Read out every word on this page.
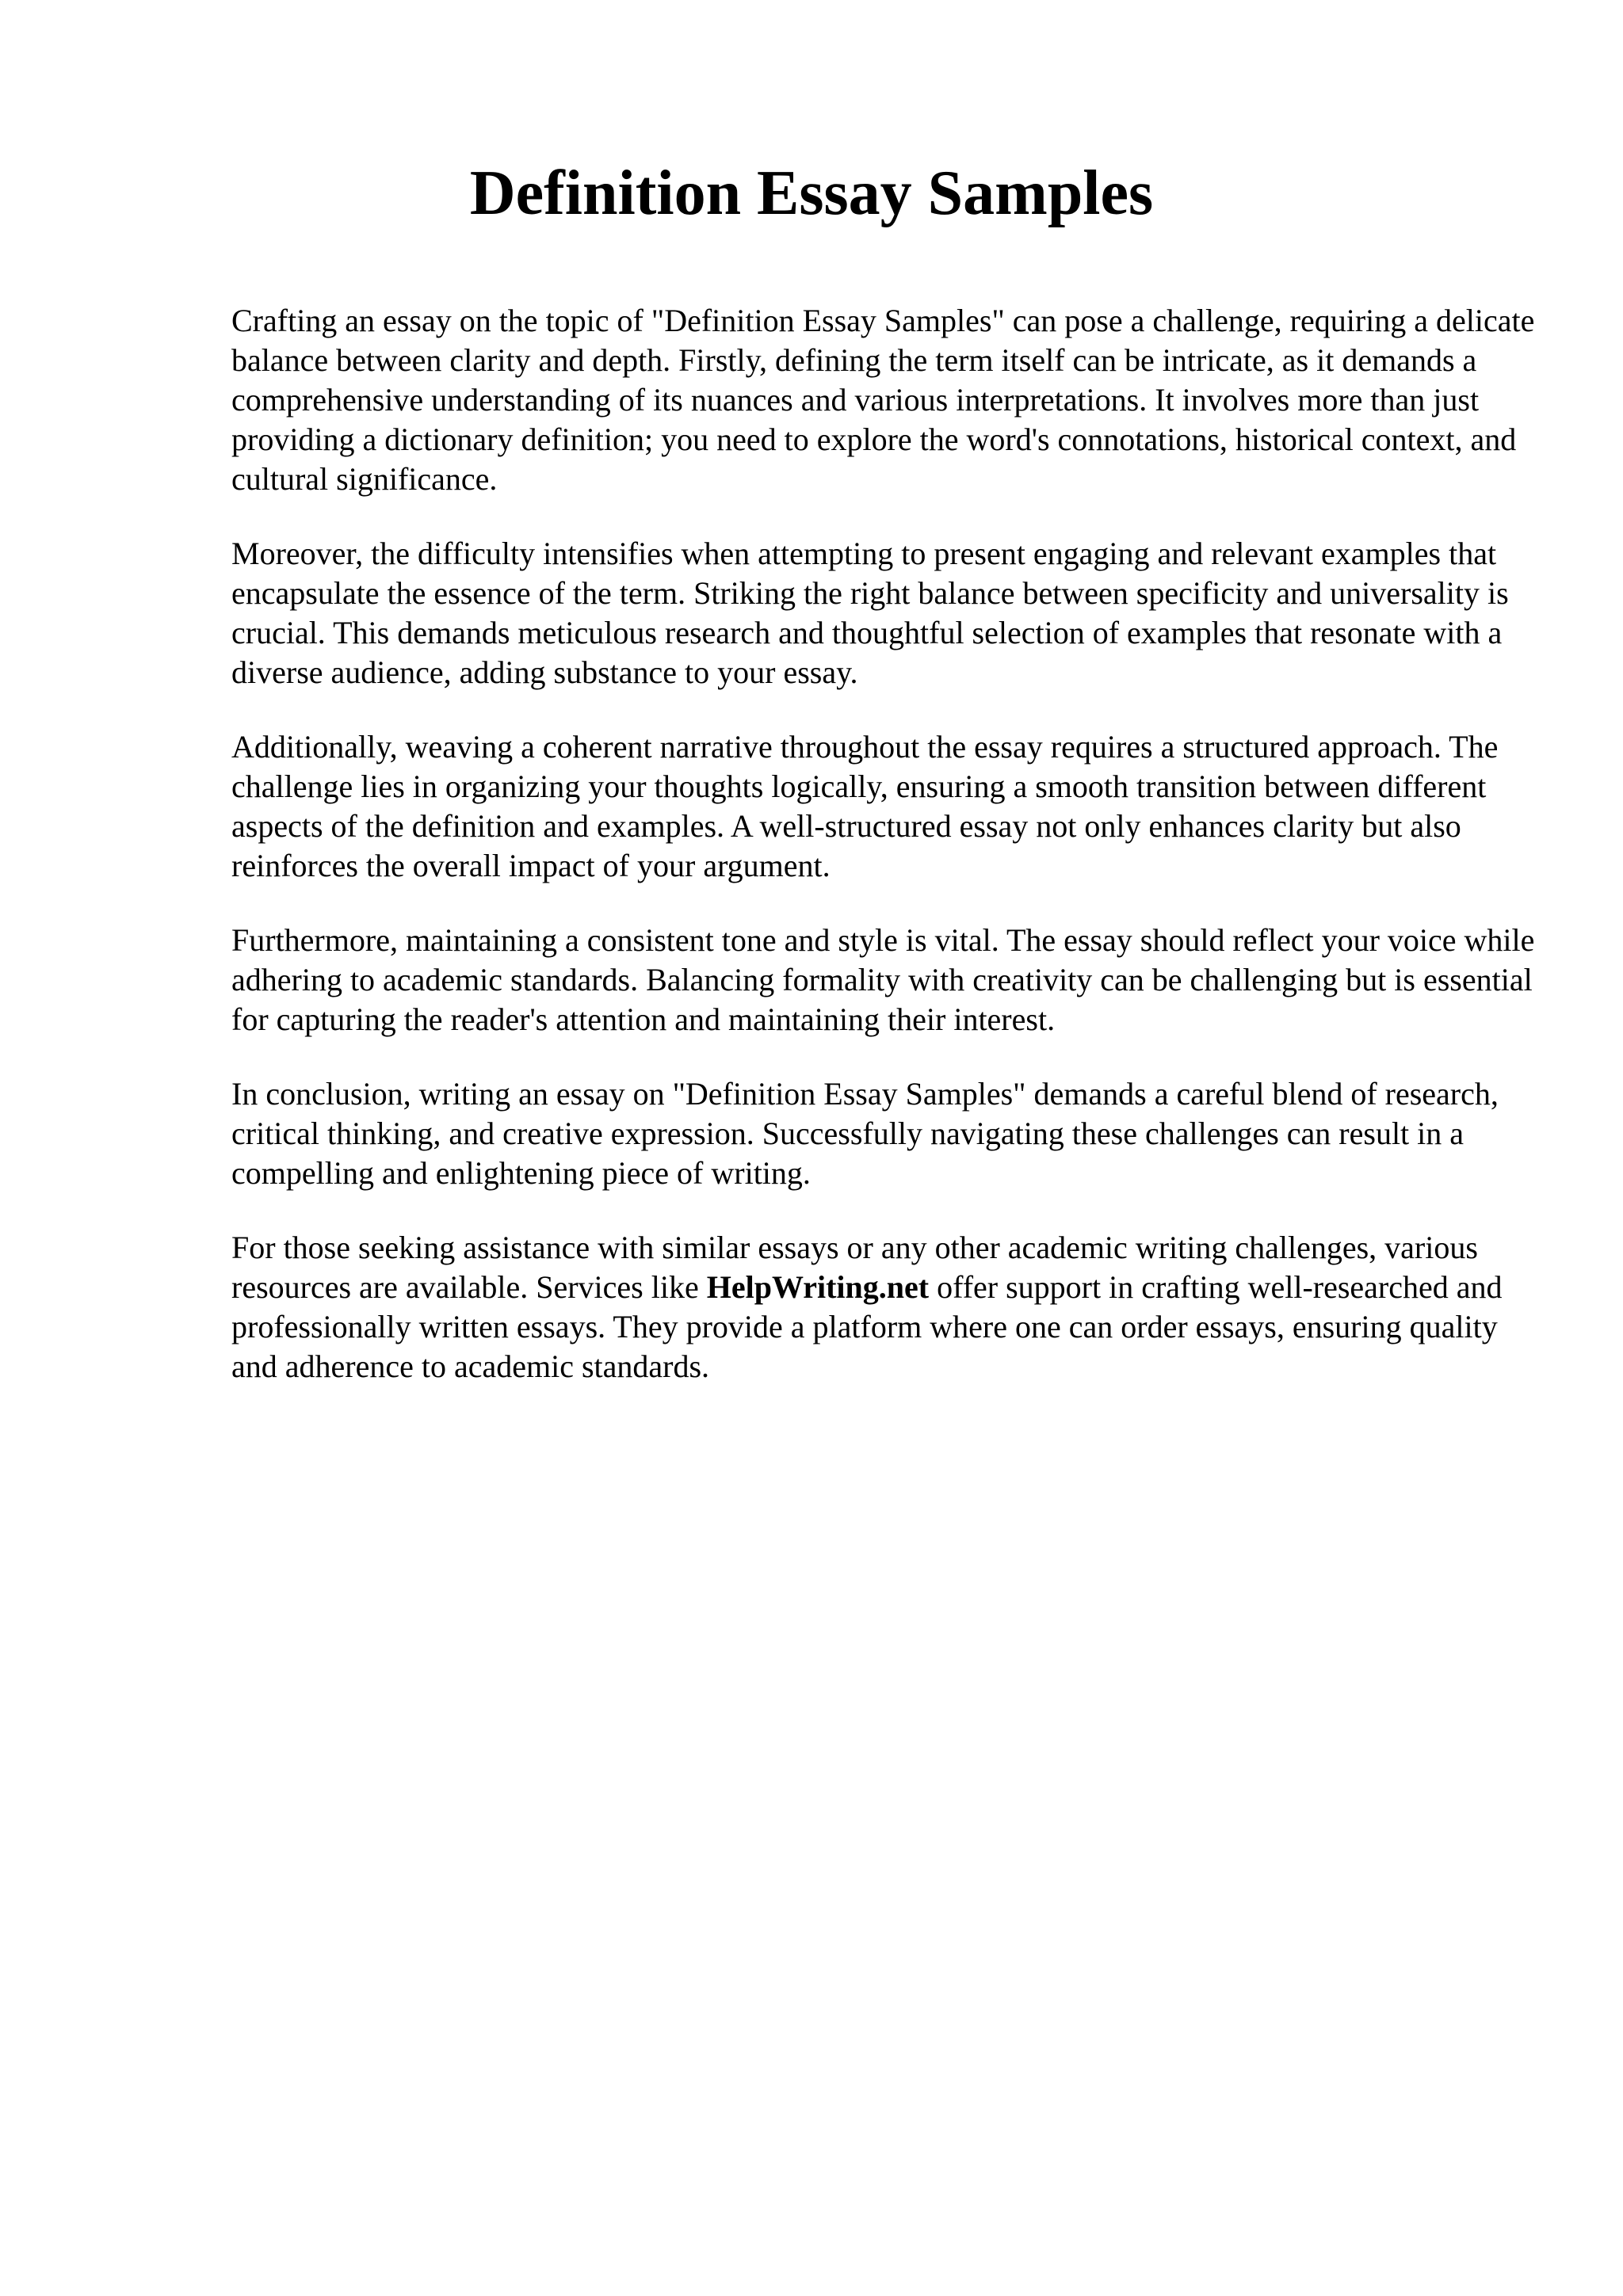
Definition Essay Samples

Crafting an essay on the topic of "Definition Essay Samples" can pose a challenge, requiring a delicate balance between clarity and depth. Firstly, defining the term itself can be intricate, as it demands a comprehensive understanding of its nuances and various interpretations. It involves more than just providing a dictionary definition; you need to explore the word's connotations, historical context, and cultural significance.

Moreover, the difficulty intensifies when attempting to present engaging and relevant examples that encapsulate the essence of the term. Striking the right balance between specificity and universality is crucial. This demands meticulous research and thoughtful selection of examples that resonate with a diverse audience, adding substance to your essay.

Additionally, weaving a coherent narrative throughout the essay requires a structured approach. The challenge lies in organizing your thoughts logically, ensuring a smooth transition between different aspects of the definition and examples. A well-structured essay not only enhances clarity but also reinforces the overall impact of your argument.

Furthermore, maintaining a consistent tone and style is vital. The essay should reflect your voice while adhering to academic standards. Balancing formality with creativity can be challenging but is essential for capturing the reader's attention and maintaining their interest.

In conclusion, writing an essay on "Definition Essay Samples" demands a careful blend of research, critical thinking, and creative expression. Successfully navigating these challenges can result in a compelling and enlightening piece of writing.

For those seeking assistance with similar essays or any other academic writing challenges, various resources are available. Services like HelpWriting.net offer support in crafting well-researched and professionally written essays. They provide a platform where one can order essays, ensuring quality and adherence to academic standards.
